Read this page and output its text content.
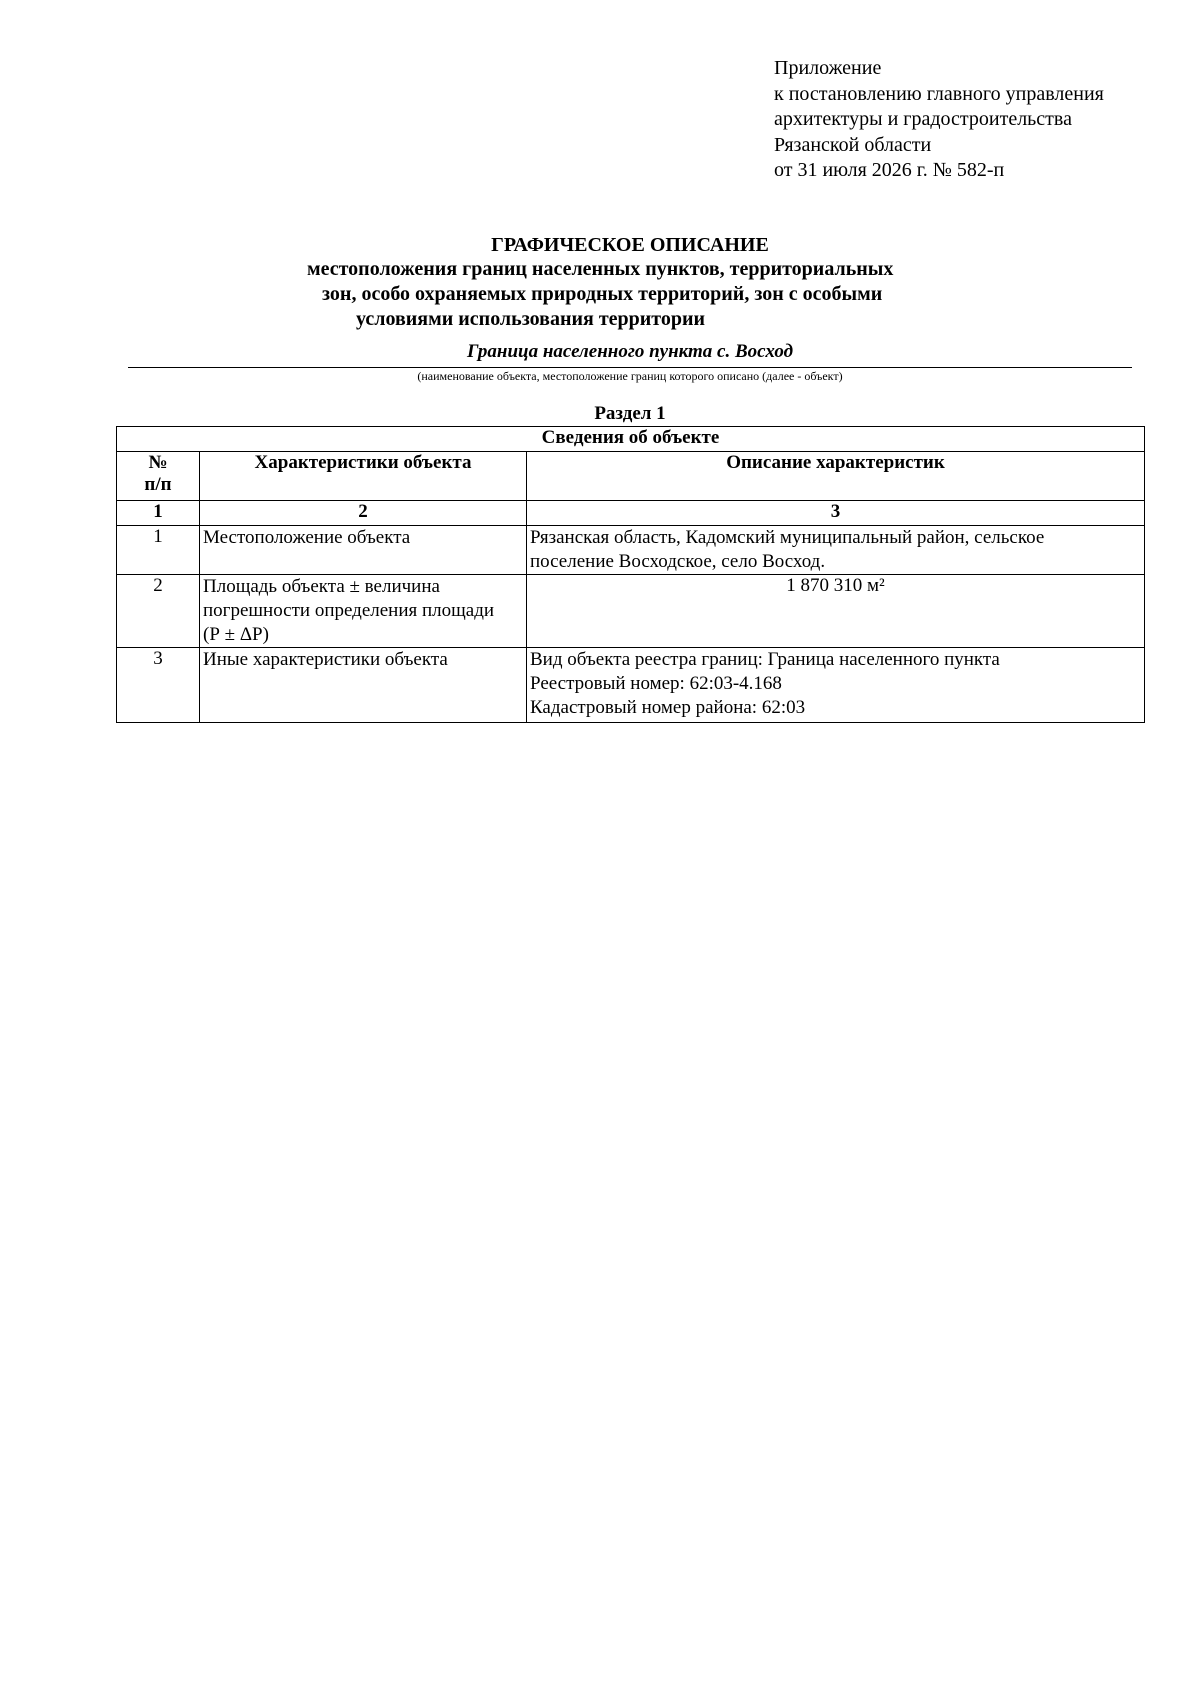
Приложение
к постановлению главного управления
архитектуры и градостроительства
Рязанской области
от 31 июля 2026 г. № 582-п
ГРАФИЧЕСКОЕ ОПИСАНИЕ
местоположения границ населенных пунктов, территориальных
зон, особо охраняемых природных территорий, зон с особыми
условиями использования территории
Граница населенного пункта с. Восход
(наименование объекта, местоположение границ которого описано (далее - объект)
Раздел 1
Сведения об объекте		

№
п/п	Характеристики объекта	Описание характеристик
1	2	3
1	Местоположение объекта	Рязанская область, Кадомский муниципальный район, сельское
поселение Восходское, село Восход.

2	Площадь объекта ± величина
погрешности определения площади
(Р ± ΔР)	1 870 310 м²
3	Иные характеристики объекта	Вид объекта реестра границ: Граница населенного пункта
Реестровый номер: 62:03-4.168
Кадастровый номер района: 62:03
